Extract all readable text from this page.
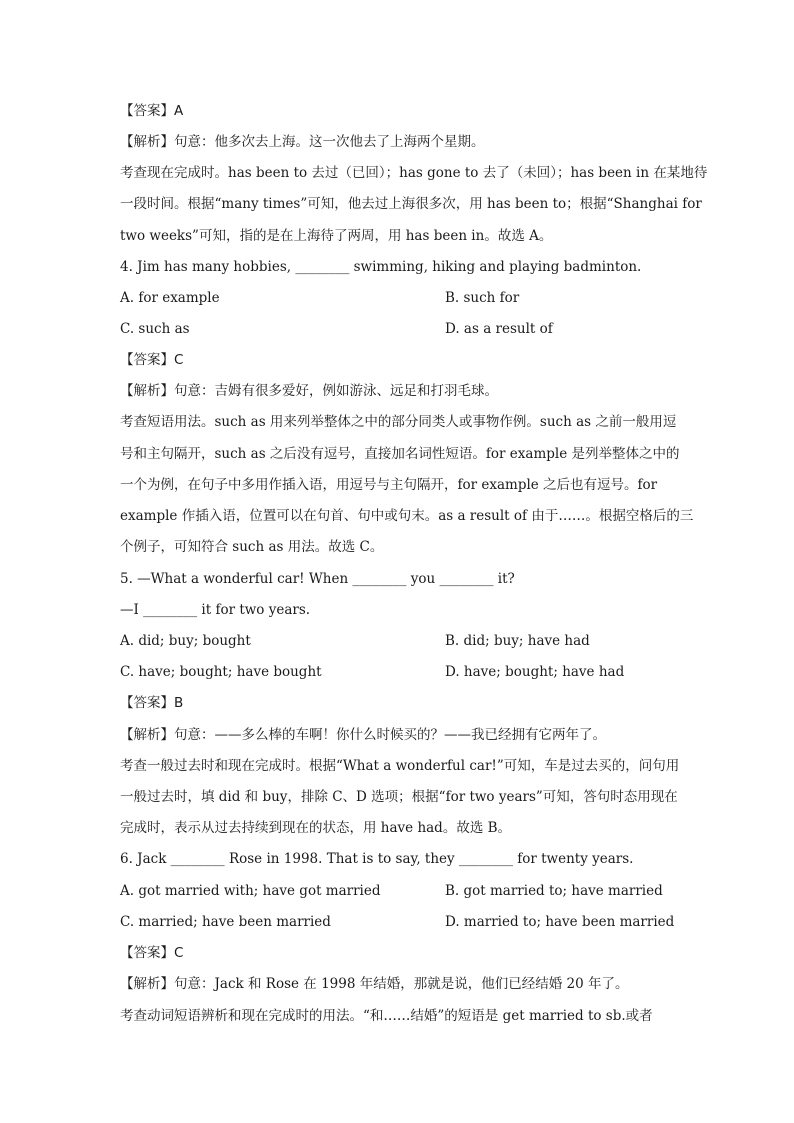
【答案】A
【解析】句意：他多次去上海。这一次他去了上海两个星期。
考查现在完成时。has been to 去过（已回）；has gone to 去了（未回）；has been in 在某地待
一段时间。根据“many times”可知，他去过上海很多次，用 has been to；根据“Shanghai for
two weeks”可知，指的是在上海待了两周，用 has been in。故选 A。
4. Jim has many hobbies, ________ swimming, hiking and playing badminton.
A. for example	B. such for
C. such as	D. as a result of
【答案】C
【解析】句意：吉姆有很多爱好，例如游泳、远足和打羽毛球。
考查短语用法。such as 用来列举整体之中的部分同类人或事物作例。such as 之前一般用逗
号和主句隔开，such as 之后没有逗号，直接加名词性短语。for example 是列举整体之中的
一个为例，在句子中多用作插入语，用逗号与主句隔开，for example 之后也有逗号。for
example 作插入语，位置可以在句首、句中或句末。as a result of 由于……。根据空格后的三
个例子，可知符合 such as 用法。故选 C。
5. —What a wonderful car! When ________ you ________ it?
—I ________ it for two years.
A. did; buy; bought	B. did; buy; have had
C. have; bought; have bought	D. have; bought; have had
【答案】B
【解析】句意：——多么棒的车啊！你什么时候买的？——我已经拥有它两年了。
考查一般过去时和现在完成时。根据“What a wonderful car!”可知，车是过去买的，问句用
一般过去时，填 did 和 buy，排除 C、D 选项；根据“for two years”可知，答句时态用现在
完成时，表示从过去持续到现在的状态，用 have had。故选 B。
6. Jack ________ Rose in 1998. That is to say, they ________ for twenty years.
A. got married with; have got married	B. got married to; have married
C. married; have been married	D. married to; have been married
【答案】C
【解析】句意：Jack 和 Rose 在 1998 年结婚，那就是说，他们已经结婚 20 年了。
考查动词短语辨析和现在完成时的用法。“和……结婚”的短语是 get married to sb.或者
